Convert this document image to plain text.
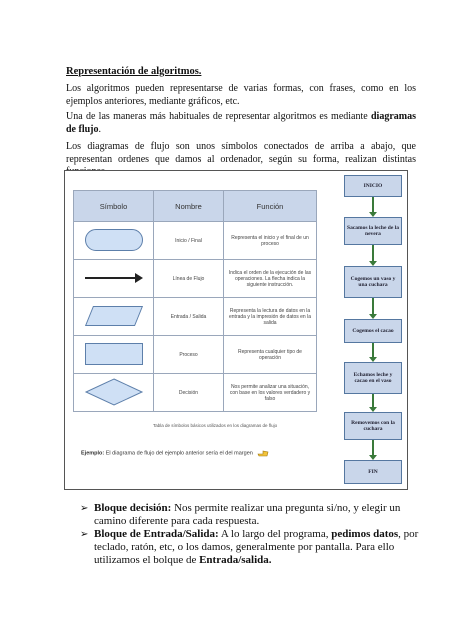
Representación de algoritmos.

Los algoritmos pueden representarse de varias formas, con frases, como en los ejemplos anteriores, mediante gráficos, etc.

Una de las maneras más habituales de representar algoritmos es mediante diagramas de flujo.

Los diagramas de flujo son unos símbolos conectados de arriba a abajo, que representan ordenes que damos al ordenador, según su forma, realizan distintas

Símbolo	Nombre	Función
	Inicio / Final	Representa el inicio y el final de un proceso

	Línea de Flujo	Indica el orden de la ejecución de las operaciones. La flecha indica la siguiente instrucción.
	Entrada / Salida	Representa la lectura de datos en la entrada y la impresión de datos en la salida
	Proceso	Representa cualquier tipo de operación
	Decisión	Nos permite analizar una situación, con base en los valores verdadero y falso
Tabla de símbolos básicos utilizados en los diagramas de flujo
Ejemplo: El diagrama de flujo del ejemplo anterior sería el del margen
INICIO
Sacamos la leche de la nevera
Cogemos un vaso y una cuchara
Cogemos el cacao
Echamos leche y cacao en el vaso
Removemos con la cuchara
FIN
➢ Bloque decisión: Nos permite realizar una pregunta si/no, y elegir un camino diferente para cada respuesta.
➢ Bloque de Entrada/Salida: A lo largo del programa, pedimos datos, por teclado, ratón, etc, o los damos, generalmente por pantalla. Para ello utilizamos el bolque de Entrada/salida.
